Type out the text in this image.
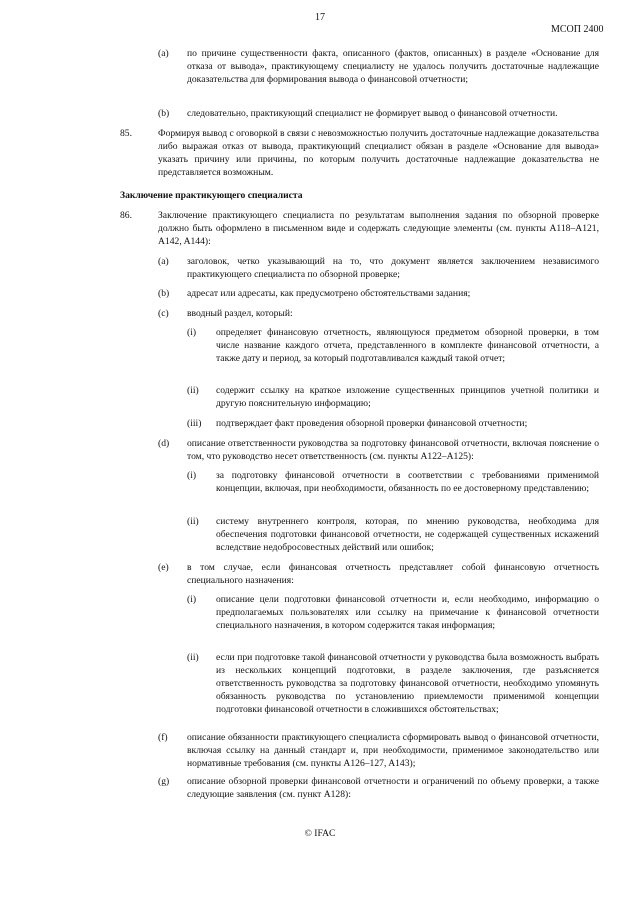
17
МСОП 2400
(a) по причине существенности факта, описанного (фактов, описанных) в разделе «Основание для отказа от вывода», практикующему специалисту не удалось получить достаточные надлежащие доказательства для формирования вывода о финансовой отчетности;
(b) следовательно, практикующий специалист не формирует вывод о финансовой отчетности.
85.	Формируя вывод с оговоркой в связи с невозможностью получить достаточные надлежащие доказательства либо выражая отказ от вывода, практикующий специалист обязан в разделе «Основание для вывода» указать причину или причины, по которым получить достаточные надлежащие доказательства не представляется возможным.
Заключение практикующего специалиста
86.	Заключение практикующего специалиста по результатам выполнения задания по обзорной проверке должно быть оформлено в письменном виде и содержать следующие элементы (см. пункты A118–A121, A142, A144):
(a) заголовок, четко указывающий на то, что документ является заключением независимого практикующего специалиста по обзорной проверке;
(b) адресат или адресаты, как предусмотрено обстоятельствами задания;
(c) вводный раздел, который:
(i) определяет финансовую отчетность, являющуюся предметом обзорной проверки, в том числе название каждого отчета, представленного в комплекте финансовой отчетности, а также дату и период, за который подготавливался каждый такой отчет;
(ii) содержит ссылку на краткое изложение существенных принципов учетной политики и другую пояснительную информацию;
(iii) подтверждает факт проведения обзорной проверки финансовой отчетности;
(d) описание ответственности руководства за подготовку финансовой отчетности, включая пояснение о том, что руководство несет ответственность (см. пункты A122–A125):
(i) за подготовку финансовой отчетности в соответствии с требованиями применимой концепции, включая, при необходимости, обязанность по ее достоверному представлению;
(ii) систему внутреннего контроля, которая, по мнению руководства, необходима для обеспечения подготовки финансовой отчетности, не содержащей существенных искажений вследствие недобросовестных действий или ошибок;
(e) в том случае, если финансовая отчетность представляет собой финансовую отчетность специального назначения:
(i) описание цели подготовки финансовой отчетности и, если необходимо, информацию о предполагаемых пользователях или ссылку на примечание к финансовой отчетности специального назначения, в котором содержится такая информация;
(ii) если при подготовке такой финансовой отчетности у руководства была возможность выбрать из нескольких концепций подготовки, в разделе заключения, где разъясняется ответственность руководства за подготовку финансовой отчетности, необходимо упомянуть обязанность руководства по установлению приемлемости применимой концепции подготовки финансовой отчетности в сложившихся обстоятельствах;
(f) описание обязанности практикующего специалиста сформировать вывод о финансовой отчетности, включая ссылку на данный стандарт и, при необходимости, применимое законодательство или нормативные требования (см. пункты A126–127, A143);
(g) описание обзорной проверки финансовой отчетности и ограничений по объему проверки, а также следующие заявления (см. пункт A128):
© IFAC
